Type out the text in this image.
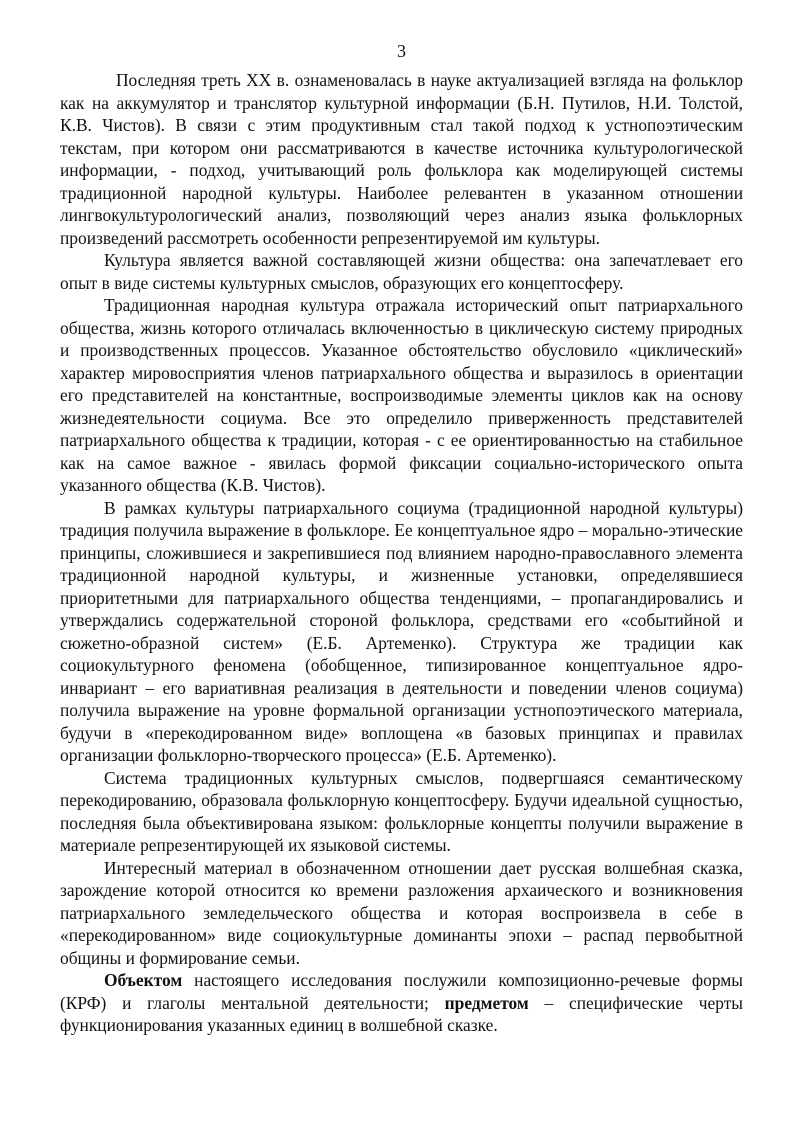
3

Последняя треть ХХ в. ознаменовалась в науке актуализацией взгляда на фольклор как на аккумулятор и транслятор культурной информации (Б.Н. Путилов, Н.И. Толстой, К.В. Чистов). В связи с этим продуктивным стал такой подход к устнопоэтическим текстам, при котором они рассматриваются в качестве источника культурологической информации, - подход, учитывающий роль фольклора как моделирующей системы традиционной народной культуры. Наиболее релевантен в указанном отношении лингвокультурологический анализ, позволяющий через анализ языка фольклорных произведений рассмотреть особенности репрезентируемой им культуры.

Культура является важной составляющей жизни общества: она запечатлевает его опыт в виде системы культурных смыслов, образующих его концептосферу.

Традиционная народная культура отражала исторический опыт патриархального общества, жизнь которого отличалась включенностью в циклическую систему природных и производственных процессов. Указанное обстоятельство обусловило «циклический» характер мировосприятия членов патриархального общества и выразилось в ориентации его представителей на константные, воспроизводимые элементы циклов как на основу жизнедеятельности социума. Все это определило приверженность представителей патриархального общества к традиции, которая - с ее ориентированностью на стабильное как на самое важное - явилась формой фиксации социально-исторического опыта указанного общества (К.В. Чистов).

В рамках культуры патриархального социума (традиционной народной культуры) традиция получила выражение в фольклоре. Ее концептуальное ядро – морально-этические принципы, сложившиеся и закрепившиеся под влиянием народно-православного элемента традиционной народной культуры, и жизненные установки, определявшиеся приоритетными для патриархального общества тенденциями, – пропагандировались и утверждались содержательной стороной фольклора, средствами его «событийной и сюжетно-образной систем» (Е.Б. Артеменко). Структура же традиции как социокультурного феномена (обобщенное, типизированное концептуальное ядро-инвариант – его вариативная реализация в деятельности и поведении членов социума) получила выражение на уровне формальной организации устнопоэтического материала, будучи в «перекодированном виде» воплощена «в базовых принципах и правилах организации фольклорно-творческого процесса» (Е.Б. Артеменко).

Система традиционных культурных смыслов, подвергшаяся семантическому перекодированию, образовала фольклорную концептосферу. Будучи идеальной сущностью, последняя была объективирована языком: фольклорные концепты получили выражение в материале репрезентирующей их языковой системы.

Интересный материал в обозначенном отношении дает русская волшебная сказка, зарождение которой относится ко времени разложения архаического и возникновения патриархального земледельческого общества и которая воспроизвела в себе в «перекодированном» виде социокультурные доминанты эпохи – распад первобытной общины и формирование семьи.

Объектом настоящего исследования послужили композиционно-речевые формы (КРФ) и глаголы ментальной деятельности; предметом – специфические черты функционирования указанных единиц в волшебной сказке.
